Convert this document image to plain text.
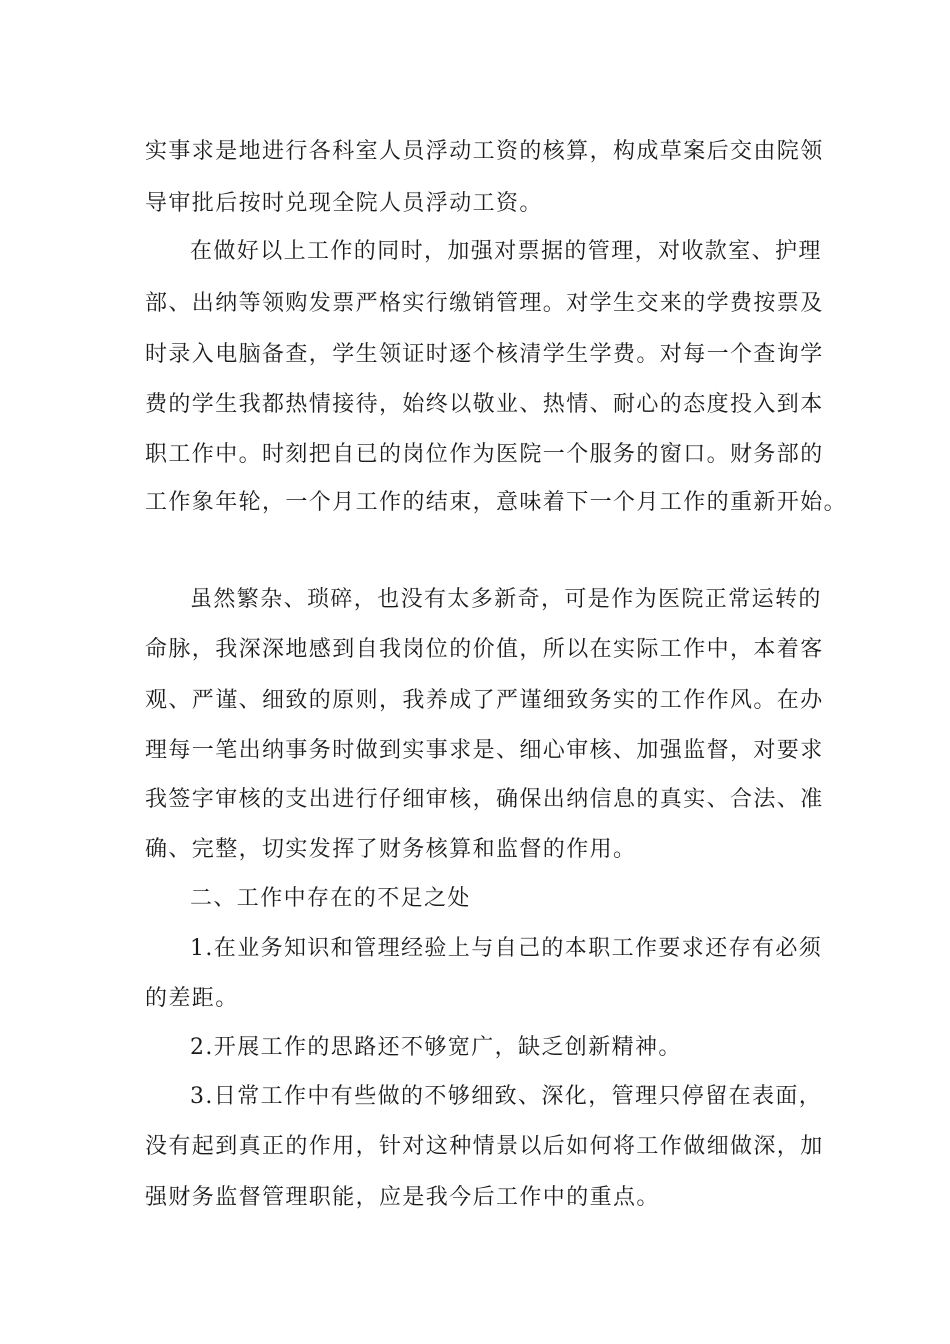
实事求是地进行各科室人员浮动工资的核算，构成草案后交由院领
导审批后按时兑现全院人员浮动工资。
在做好以上工作的同时，加强对票据的管理，对收款室、护理
部、出纳等领购发票严格实行缴销管理。对学生交来的学费按票及
时录入电脑备查，学生领证时逐个核清学生学费。对每一个查询学
费的学生我都热情接待，始终以敬业、热情、耐心的态度投入到本
职工作中。时刻把自已的岗位作为医院一个服务的窗口。财务部的
工作象年轮，一个月工作的结束，意味着下一个月工作的重新开始。
虽然繁杂、琐碎，也没有太多新奇，可是作为医院正常运转的
命脉，我深深地感到自我岗位的价值，所以在实际工作中，本着客
观、严谨、细致的原则，我养成了严谨细致务实的工作作风。在办
理每一笔出纳事务时做到实事求是、细心审核、加强监督，对要求
我签字审核的支出进行仔细审核，确保出纳信息的真实、合法、准
确、完整，切实发挥了财务核算和监督的作用。
二、工作中存在的不足之处
1.在业务知识和管理经验上与自己的本职工作要求还存有必须
的差距。
2.开展工作的思路还不够宽广，缺乏创新精神。
3.日常工作中有些做的不够细致、深化，管理只停留在表面，
没有起到真正的作用，针对这种情景以后如何将工作做细做深，加
强财务监督管理职能，应是我今后工作中的重点。
